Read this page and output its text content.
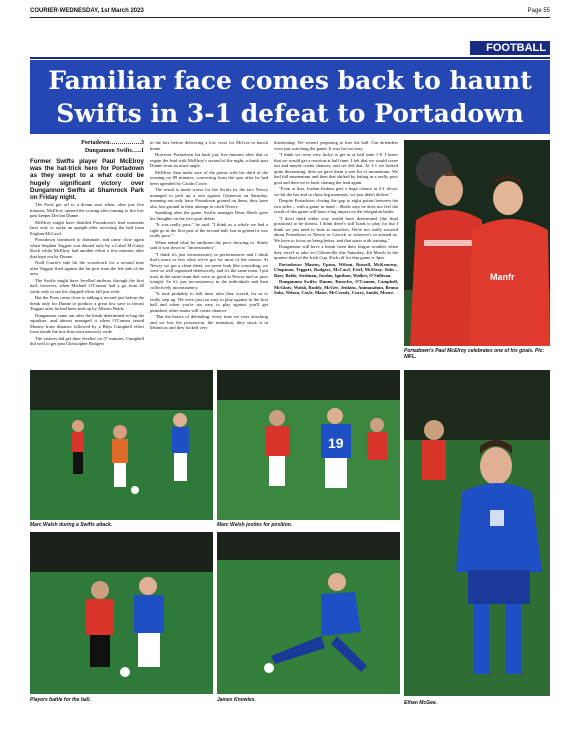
COURIER-WEDNESDAY, 1st March 2023	Page 55
FOOTBALL
Familiar face comes back to haunt Swifts in 3-1 defeat to Portadown
Portadown…………….3
Dungannon Swifts…..1

Former Swifts player Paul McElroy was the hat-trick hero for Portadown as they swept to a what could be hugely significant victory over Dungannon Swifts at Shamrock Park on Friday night.

The Ports got off to a dream start when, after just five minutes, McElroy opened the scoring after turning to fire low past keeper Declan Dunne.

McElroy might have doubled Portadown's lead moments later only to strike an upright after receiving the ball from Eoghan McCawl.

Portadown continued to dominate, and came close again when Stephen Teggart was denied only by a Cahal McGinty block while McElroy had another effort a few minutes after that kept out by Dunne.

Niall Currie's side hit the woodwork for a second time after Teggart fired against the far post from the left side of the area.

The Swifts might have levelled midway through the first half, however, when Michael O'Connor had a go from 40 yards only to see his chipped effort fall just wide.

But the Ports came close to adding a second just before the break only for Dunne to produce a great low save to thwart Teggart after he had been teed up by Alberto Balde.

Dungannon came out after the break determined to bug the equaliser, and almost managed it when O'Connor tested Mastny from distance followed by a Rhys Campbell effort from inside the box that went narrowly wide.

The visitors did get their leveller on 57 minutes. Campbell did well to get past Christopher Rodgers

in the box before delivering a low cross for McGee to knock home.

However Portadown hit back just five minutes after that to regain the lead with McElroy's second of the night, a finish past Dunne from an acute angle.

McElroy then made sure of the points with his third of the evening on 89 minutes, converting from the spot after he had been upended by Caolin Coyle.

The result is made worse for the Swifts by the fact Newry managed to pick up a win against Glenavon on Saturday, meaning not only have Portadown ground on them, they have also lost ground in their attempt to catch Newry.

Speaking after the game, Swifts manager Dean Shiels gave his thoughts on the two-goal defeat.

"It was really poor," he said. "I think as a whole we had a right go in the first part of the second half, but in general it was really poor."

When asked what he attributes the poor showing to, Shiels said it was down to "inconsistency".

"I think it's just inconsistency in performances and I think that's more or less what we've got for most of the season. At Newry we got a clean sheet, we never look like conceding, we were so well organised defensively, and it's the same team. I put trust in the same team that were so good at Newry and so poor tonight. So it's just inconsistency in the individuals and then collectively inconsistency.

"It took probably to half time, after they scored, for us to really step up. We were just too easy to play against in the first half and when you're too easy to play against you'll get punished, other teams will create chances.

"But the basics of defending: every time we were attacking and we lost the possession, the transition, they stuck it in behind us and they looked very

threatening. We weren't preparing to lose the ball. Our defenders were just watching the game. It was far too easy.

"I think we were very lucky to get in at half time 1-0. I knew that we would get a reaction at half time. I felt that we would come out and maybe create chances, and we did that. At 1-1 we looked quite threatening, then we gave them a wee bit of momentum. We had full momentum and then that shifted by letting in a really poor goal and then we're back chasing the lead again.

"Even at that, Jordan Jenkins gets a huge chance at 2-1 down, we hit the bar and so those big moments, we just didn't deliver."

Despite Portadown closing the gap to eight points between the two sides – with a game in hand – Shiels says he does not feel the result of this game will have a big impact on the relegation battle.

"I don't think either way would have determined [the final positions] to be honest. I think there's still loads to play for but I think we just need to look at ourselves. We're not really worried about Portadown or Newry or Carrick or whoever's in around us. We have to focus on being better, and that starts with training."

Dungannon will have a break from their league troubles when they travel to take on Cliftonville this Saturday, 4th March in the quarter-final of the Irish Cup. Kick off for that game is 3pm.

Portadown: Mastny, Upton, Wilson, Russell, McKeaveny, Chapman, Teggart, Rodgers, McCawl, Friel, McElroy. Subs – Barr, Balde, Stedman, Jordan, Ignilson, Walker, O'Sullivan.

Dungannon Swifts: Dunne, Knowles, O'Connor, Campbell, McGinty, Walsh, Ruddy, McGee, Jenkins, Animasahun, Bruna Subs, Nelson, Coyle, Maise, McCready, Curry, Smith, Moore.

Manfr
Portadown's Paul McElroy celebrates one of his goals. Pic: NIFL.
Marc Walsh during a Swifts attack.
19
Marc Walsh jostles for position.
Ethan McGee.
Players battle for the ball.	James Knowles.
